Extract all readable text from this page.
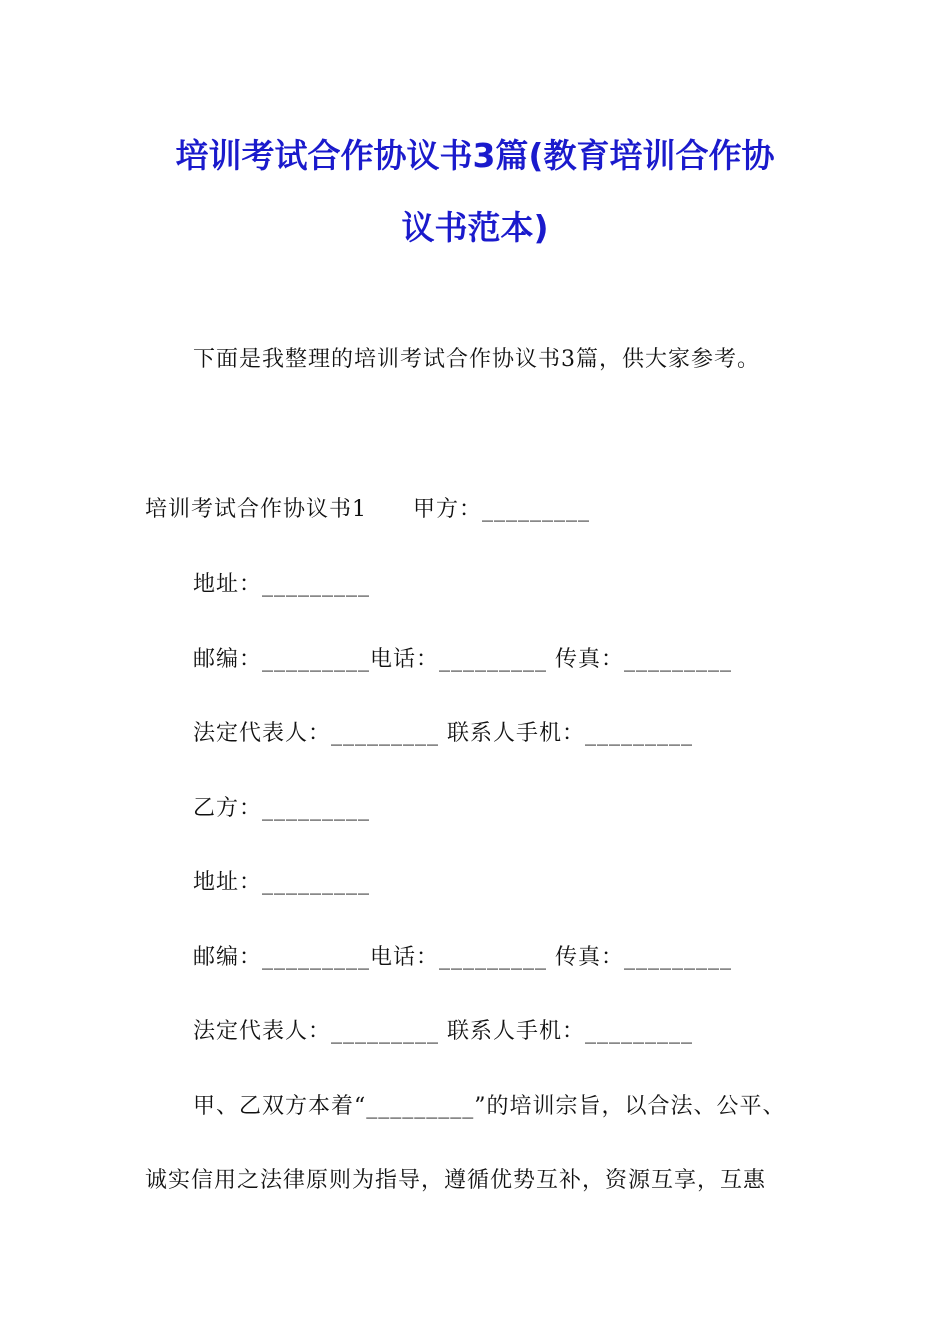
培训考试合作协议书3篇(教育培训合作协
议书范本)
下面是我整理的培训考试合作协议书3篇，供大家参考。
培训考试合作协议书1　　甲方：_________
地址：_________
邮编：_________电话：_________ 传真：_________
法定代表人：_________ 联系人手机：_________
乙方：_________
地址：_________
邮编：_________电话：_________ 传真：_________
法定代表人：_________ 联系人手机：_________
甲、乙双方本着“_________”的培训宗旨，以合法、公平、
诚实信用之法律原则为指导，遵循优势互补，资源互享，互惠
